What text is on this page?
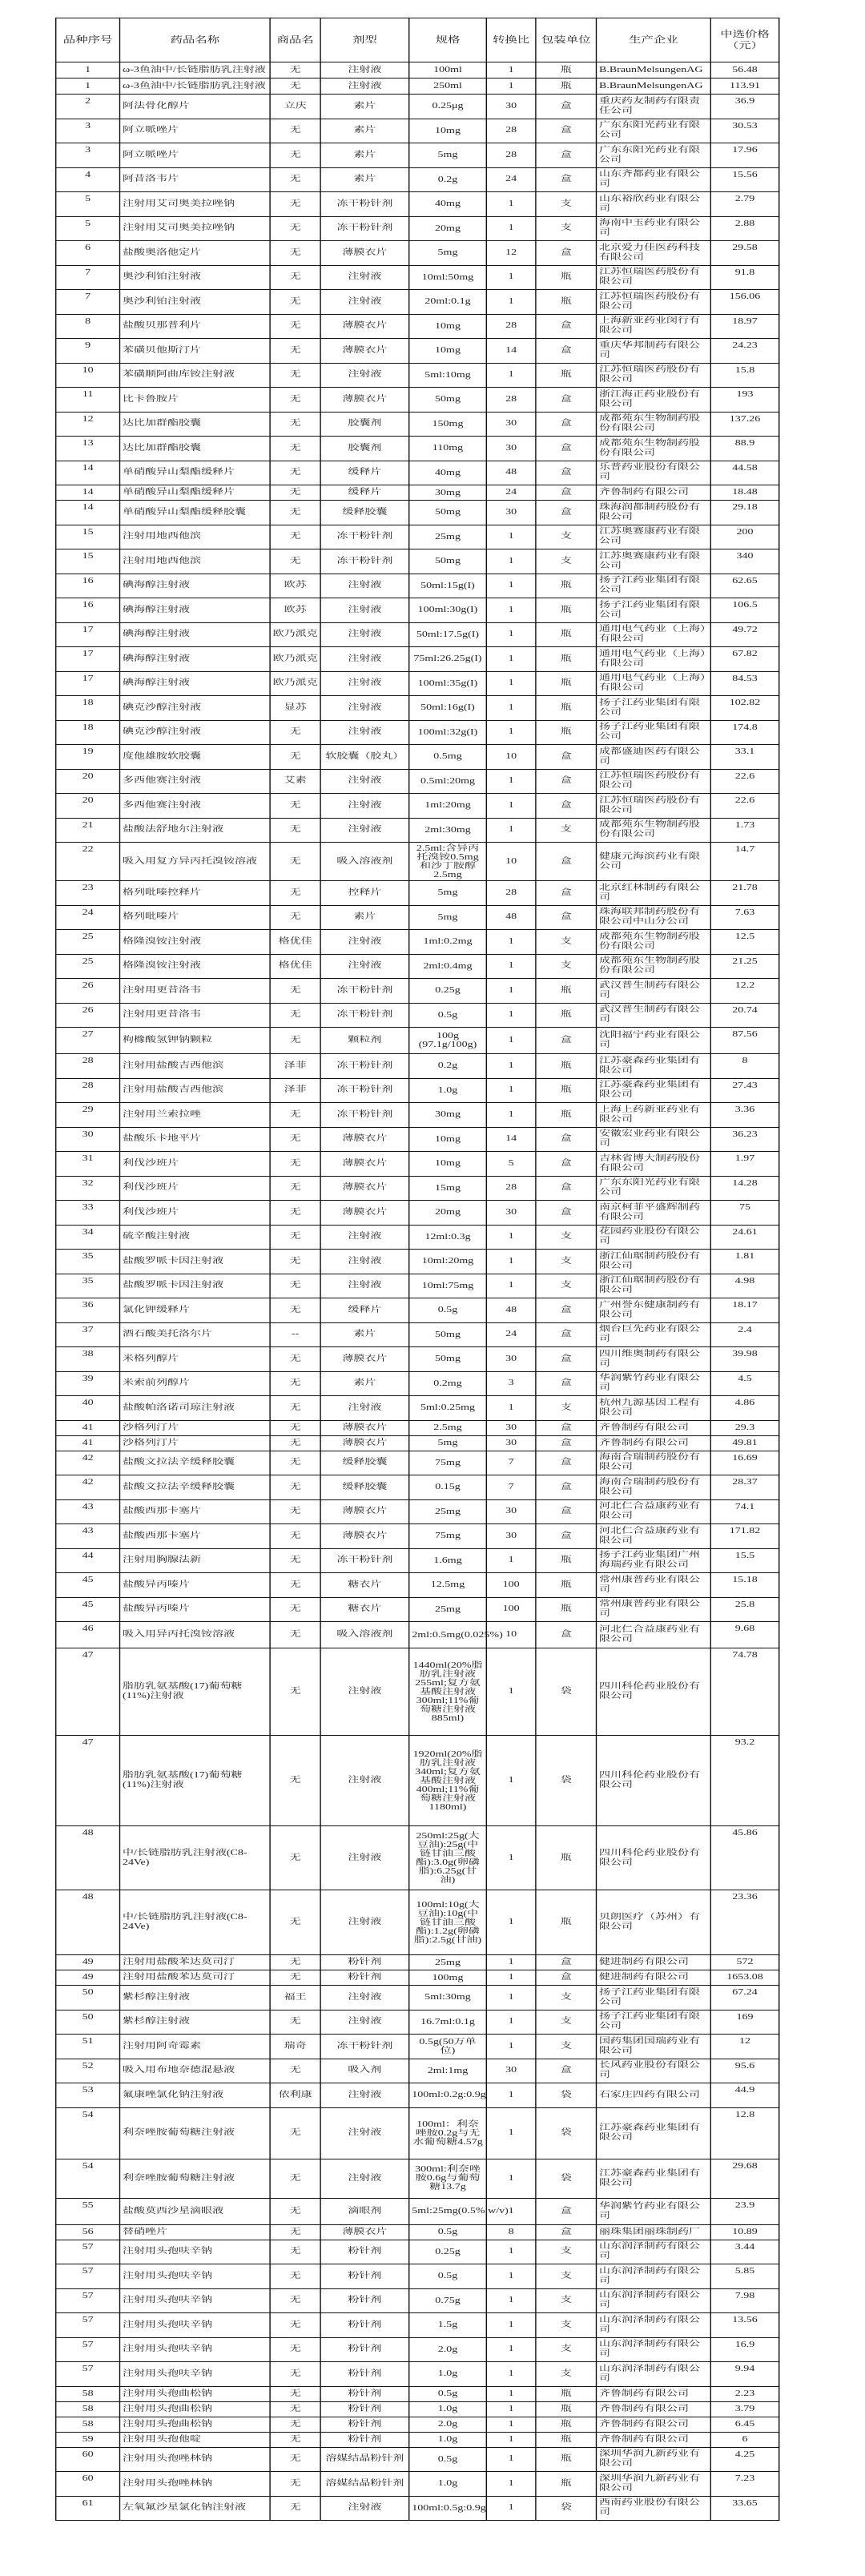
品种序号	药品名称	商品名	剂型	规格	转换比	包装单位	生产企业	中选价格（元）
1	ω-3鱼油中/长链脂肪乳注射液	无	注射液	100ml	1	瓶	B.BraunMelsungenAG	56.48
1	ω-3鱼油中/长链脂肪乳注射液	无	注射液	250ml	1	瓶	B.BraunMelsungenAG	113.91
2	阿法骨化醇片	立庆	素片	0.25μg	30	盒	重庆药友制药有限责任公司	36.9
3	阿立哌唑片	无	素片	10mg	28	盒	广东东阳光药业有限公司	30.53
3	阿立哌唑片	无	素片	5mg	28	盒	广东东阳光药业有限公司	17.96
4	阿昔洛韦片	无	素片	0.2g	24	盒	山东齐都药业有限公司	15.56
5	注射用艾司奥美拉唑钠	无	冻干粉针剂	40mg	1	支	山东裕欣药业有限公司	2.79
5	注射用艾司奥美拉唑钠	无	冻干粉针剂	20mg	1	支	海南中玉药业有限公司	2.88
6	盐酸奥洛他定片	无	薄膜衣片	5mg	12	盒	北京爱力佳医药科技有限公司	29.58
7	奥沙利铂注射液	无	注射液	10ml:50mg	1	瓶	江苏恒瑞医药股份有限公司	91.8
7	奥沙利铂注射液	无	注射液	20ml:0.1g	1	瓶	江苏恒瑞医药股份有限公司	156.06
8	盐酸贝那普利片	无	薄膜衣片	10mg	28	盒	上海新亚药业闵行有限公司	18.97
9	苯磺贝他斯汀片	无	薄膜衣片	10mg	14	盒	重庆华邦制药有限公司	24.23
10	苯磺顺阿曲库铵注射液	无	注射液	5ml:10mg	1	瓶	江苏恒瑞医药股份有限公司	15.8
11	比卡鲁胺片	无	薄膜衣片	50mg	28	盒	浙江海正药业股份有限公司	193
12	达比加群酯胶囊	无	胶囊剂	150mg	30	盒	成都苑东生物制药股份有限公司	137.26
13	达比加群酯胶囊	无	胶囊剂	110mg	30	盒	成都苑东生物制药股份有限公司	88.9
14	单硝酸异山梨酯缓释片	无	缓释片	40mg	48	盒	乐普药业股份有限公司	44.58
14	单硝酸异山梨酯缓释片	无	缓释片	30mg	24	盒	齐鲁制药有限公司	18.48
14	单硝酸异山梨酯缓释胶囊	无	缓释胶囊	50mg	30	盒	珠海润都制药股份有限公司	29.18
15	注射用地西他滨	无	冻干粉针剂	25mg	1	支	江苏奥赛康药业有限公司	200
15	注射用地西他滨	无	冻干粉针剂	50mg	1	支	江苏奥赛康药业有限公司	340
16	碘海醇注射液	欧苏	注射液	50ml:15g(I)	1	瓶	扬子江药业集团有限公司	62.65
16	碘海醇注射液	欧苏	注射液	100ml:30g(I)	1	瓶	扬子江药业集团有限公司	106.5
17	碘海醇注射液	欧乃派克	注射液	50ml:17.5g(I)	1	瓶	通用电气药业（上海）有限公司	49.72
17	碘海醇注射液	欧乃派克	注射液	75ml:26.25g(I)	1	瓶	通用电气药业（上海）有限公司	67.82
17	碘海醇注射液	欧乃派克	注射液	100ml:35g(I)	1	瓶	通用电气药业（上海）有限公司	84.53
18	碘克沙醇注射液	显苏	注射液	50ml:16g(I)	1	瓶	扬子江药业集团有限公司	102.82
18	碘克沙醇注射液	无	注射液	100ml:32g(I)	1	瓶	扬子江药业集团有限公司	174.8
19	度他雄胺软胶囊	无	软胶囊（胶丸）	0.5mg	10	盒	成都盛迪医药有限公司	33.1
20	多西他赛注射液	艾素	注射液	0.5ml:20mg	1	盒	江苏恒瑞医药股份有限公司	22.6
20	多西他赛注射液	无	注射液	1ml:20mg	1	盒	江苏恒瑞医药股份有限公司	22.6
21	盐酸法舒地尔注射液	无	注射液	2ml:30mg	1	支	成都苑东生物制药股份有限公司	1.73
22	吸入用复方异丙托溴铵溶液	无	吸入溶液剂	2.5ml:含异丙托溴铵0.5mg和沙丁胺醇2.5mg	10	盒	健康元海滨药业有限公司	14.7
23	格列吡嗪控释片	无	控释片	5mg	28	盒	北京红林制药有限公司	21.78
24	格列吡嗪片	无	素片	5mg	48	盒	珠海联邦制药股份有限公司中山分公司	7.63
25	格隆溴铵注射液	格优佳	注射液	1ml:0.2mg	1	支	成都苑东生物制药股份有限公司	12.5
25	格隆溴铵注射液	格优佳	注射液	2ml:0.4mg	1	支	成都苑东生物制药股份有限公司	21.25
26	注射用更昔洛韦	无	冻干粉针剂	0.25g	1	瓶	武汉普生制药有限公司	12.2
26	注射用更昔洛韦	无	冻干粉针剂	0.5g	1	瓶	武汉普生制药有限公司	20.74
27	枸橼酸氢钾钠颗粒	无	颗粒剂	100g (97.1g/100g)	1	盒	沈阳福宁药业有限公司	87.56
28	注射用盐酸吉西他滨	泽菲	冻干粉针剂	0.2g	1	瓶	江苏豪森药业集团有限公司	8
28	注射用盐酸吉西他滨	泽菲	冻干粉针剂	1.0g	1	瓶	江苏豪森药业集团有限公司	27.43
29	注射用兰索拉唑	无	冻干粉针剂	30mg	1	瓶	上海上药新亚药业有限公司	3.36
30	盐酸乐卡地平片	无	薄膜衣片	10mg	14	盒	安徽宏业药业有限公司	36.23
31	利伐沙班片	无	薄膜衣片	10mg	5	盒	吉林省博大制药股份有限公司	1.97
32	利伐沙班片	无	薄膜衣片	15mg	28	盒	广东东阳光药业有限公司	14.28
33	利伐沙班片	无	薄膜衣片	20mg	30	盒	南京柯菲平盛辉制药有限公司	75
34	硫辛酸注射液	无	注射液	12ml:0.3g	1	支	花园药业股份有限公司	24.61
35	盐酸罗哌卡因注射液	无	注射液	10ml:20mg	1	支	浙江仙琚制药股份有限公司	1.81
35	盐酸罗哌卡因注射液	无	注射液	10ml:75mg	1	支	浙江仙琚制药股份有限公司	4.98
36	氯化钾缓释片	无	缓释片	0.5g	48	盒	广州誉东健康制药有限公司	18.17
37	酒石酸美托洛尔片	--	素片	50mg	24	盒	烟台巨先药业有限公司	2.4
38	米格列醇片	无	薄膜衣片	50mg	30	盒	四川维奥制药有限公司	39.98
39	米索前列醇片	无	素片	0.2mg	3	盒	华润紫竹药业有限公司	4.5
40	盐酸帕洛诺司琼注射液	无	注射液	5ml:0.25mg	1	支	杭州九源基因工程有限公司	4.86
41	沙格列汀片	无	薄膜衣片	2.5mg	30	盒	齐鲁制药有限公司	29.3
41	沙格列汀片	无	薄膜衣片	5mg	30	盒	齐鲁制药有限公司	49.81
42	盐酸文拉法辛缓释胶囊	无	缓释胶囊	75mg	7	盒	海南合瑞制药股份有限公司	16.69
42	盐酸文拉法辛缓释胶囊	无	缓释胶囊	0.15g	7	盒	海南合瑞制药股份有限公司	28.37
43	盐酸西那卡塞片	无	薄膜衣片	25mg	30	盒	河北仁合益康药业有限公司	74.1
43	盐酸西那卡塞片	无	薄膜衣片	75mg	30	盒	河北仁合益康药业有限公司	171.82
44	注射用胸腺法新	无	冻干粉针剂	1.6mg	1	瓶	扬子江药业集团广州海瑞药业有限公司	15.5
45	盐酸异丙嗪片	无	糖衣片	12.5mg	100	瓶	常州康普药业有限公司	15.18
45	盐酸异丙嗪片	无	糖衣片	25mg	100	瓶	常州康普药业有限公司	25.8
46	吸入用异丙托溴铵溶液	无	吸入溶液剂	2ml:0.5mg(0.025%)	10	盒	河北仁合益康药业有限公司	9.68
47	脂肪乳氨基酸(17)葡萄糖(11%)注射液	无	注射液	1440ml(20%脂肪乳注射液255ml;复方氨基酸注射液300ml;11%葡萄糖注射液885ml)	1	袋	四川科伦药业股份有限公司	74.78
47	脂肪乳氨基酸(17)葡萄糖(11%)注射液	无	注射液	1920ml(20%脂肪乳注射液340ml;复方氨基酸注射液400ml;11%葡萄糖注射液1180ml)	1	袋	四川科伦药业股份有限公司	93.2
48	中/长链脂肪乳注射液(C8-24Ve)	无	注射液	250ml:25g(大豆油):25g(中链甘油三酸酯):3.0g(卵磷脂):6.25g(甘油)	1	瓶	四川科伦药业股份有限公司	45.86
48	中/长链脂肪乳注射液(C8-24Ve)	无	注射液	100ml:10g(大豆油):10g(中链甘油三酸酯):1.2g(卵磷脂):2.5g(甘油)	1	瓶	贝朗医疗（苏州）有限公司	23.36
49	注射用盐酸苯达莫司汀	无	粉针剂	25mg	1	盒	健进制药有限公司	572
49	注射用盐酸苯达莫司汀	无	粉针剂	100mg	1	盒	健进制药有限公司	1653.08
50	紫杉醇注射液	福王	注射液	5ml:30mg	1	支	扬子江药业集团有限公司	67.24
50	紫杉醇注射液	无	注射液	16.7ml:0.1g	1	支	扬子江药业集团有限公司	169
51	注射用阿奇霉素	瑞奇	冻干粉针剂	0.5g(50万单位)	1	支	国药集团国瑞药业有限公司	12
52	吸入用布地奈德混悬液	无	吸入剂	2ml:1mg	30	盒	长风药业股份有限公司	95.6
53	氟康唑氯化钠注射液	依利康	注射液	100ml:0.2g:0.9g	1	袋	石家庄四药有限公司	44.9
54	利奈唑胺葡萄糖注射液	无	注射液	100ml：利奈唑胺0.2g与无水葡萄糖4.57g	1	袋	江苏豪森药业集团有限公司	12.8
54	利奈唑胺葡萄糖注射液	无	注射液	300ml:利奈唑胺0.6g与葡萄糖13.7g	1	袋	江苏豪森药业集团有限公司	29.68
55	盐酸莫西沙星滴眼液	无	滴眼剂	5ml:25mg(0.5%,w/v)	1	盒	华润紫竹药业有限公司	23.9
56	替硝唑片	无	薄膜衣片	0.5g	8	盒	丽珠集团丽珠制药厂	10.89
57	注射用头孢呋辛钠	无	粉针剂	0.25g	1	支	山东润泽制药有限公司	3.44
57	注射用头孢呋辛钠	无	粉针剂	0.5g	1	支	山东润泽制药有限公司	5.85
57	注射用头孢呋辛钠	无	粉针剂	0.75g	1	支	山东润泽制药有限公司	7.98
57	注射用头孢呋辛钠	无	粉针剂	1.5g	1	支	山东润泽制药有限公司	13.56
57	注射用头孢呋辛钠	无	粉针剂	2.0g	1	支	山东润泽制药有限公司	16.9
57	注射用头孢呋辛钠	无	粉针剂	1.0g	1	支	山东润泽制药有限公司	9.94
58	注射用头孢曲松钠	无	粉针剂	0.5g	1	瓶	齐鲁制药有限公司	2.23
58	注射用头孢曲松钠	无	粉针剂	1.0g	1	瓶	齐鲁制药有限公司	3.79
58	注射用头孢曲松钠	无	粉针剂	2.0g	1	瓶	齐鲁制药有限公司	6.45
59	注射用头孢他啶	无	粉针剂	1.0g	1	瓶	齐鲁制药有限公司	6
60	注射用头孢唑林钠	无	溶媒结晶粉针剂	0.5g	1	瓶	深圳华润九新药业有限公司	4.25
60	注射用头孢唑林钠	无	溶媒结晶粉针剂	1.0g	1	瓶	深圳华润九新药业有限公司	7.23
61	左氧氟沙星氯化钠注射液	无	注射液	100ml:0.5g:0.9g	1	袋	西南药业股份有限公司	33.65
